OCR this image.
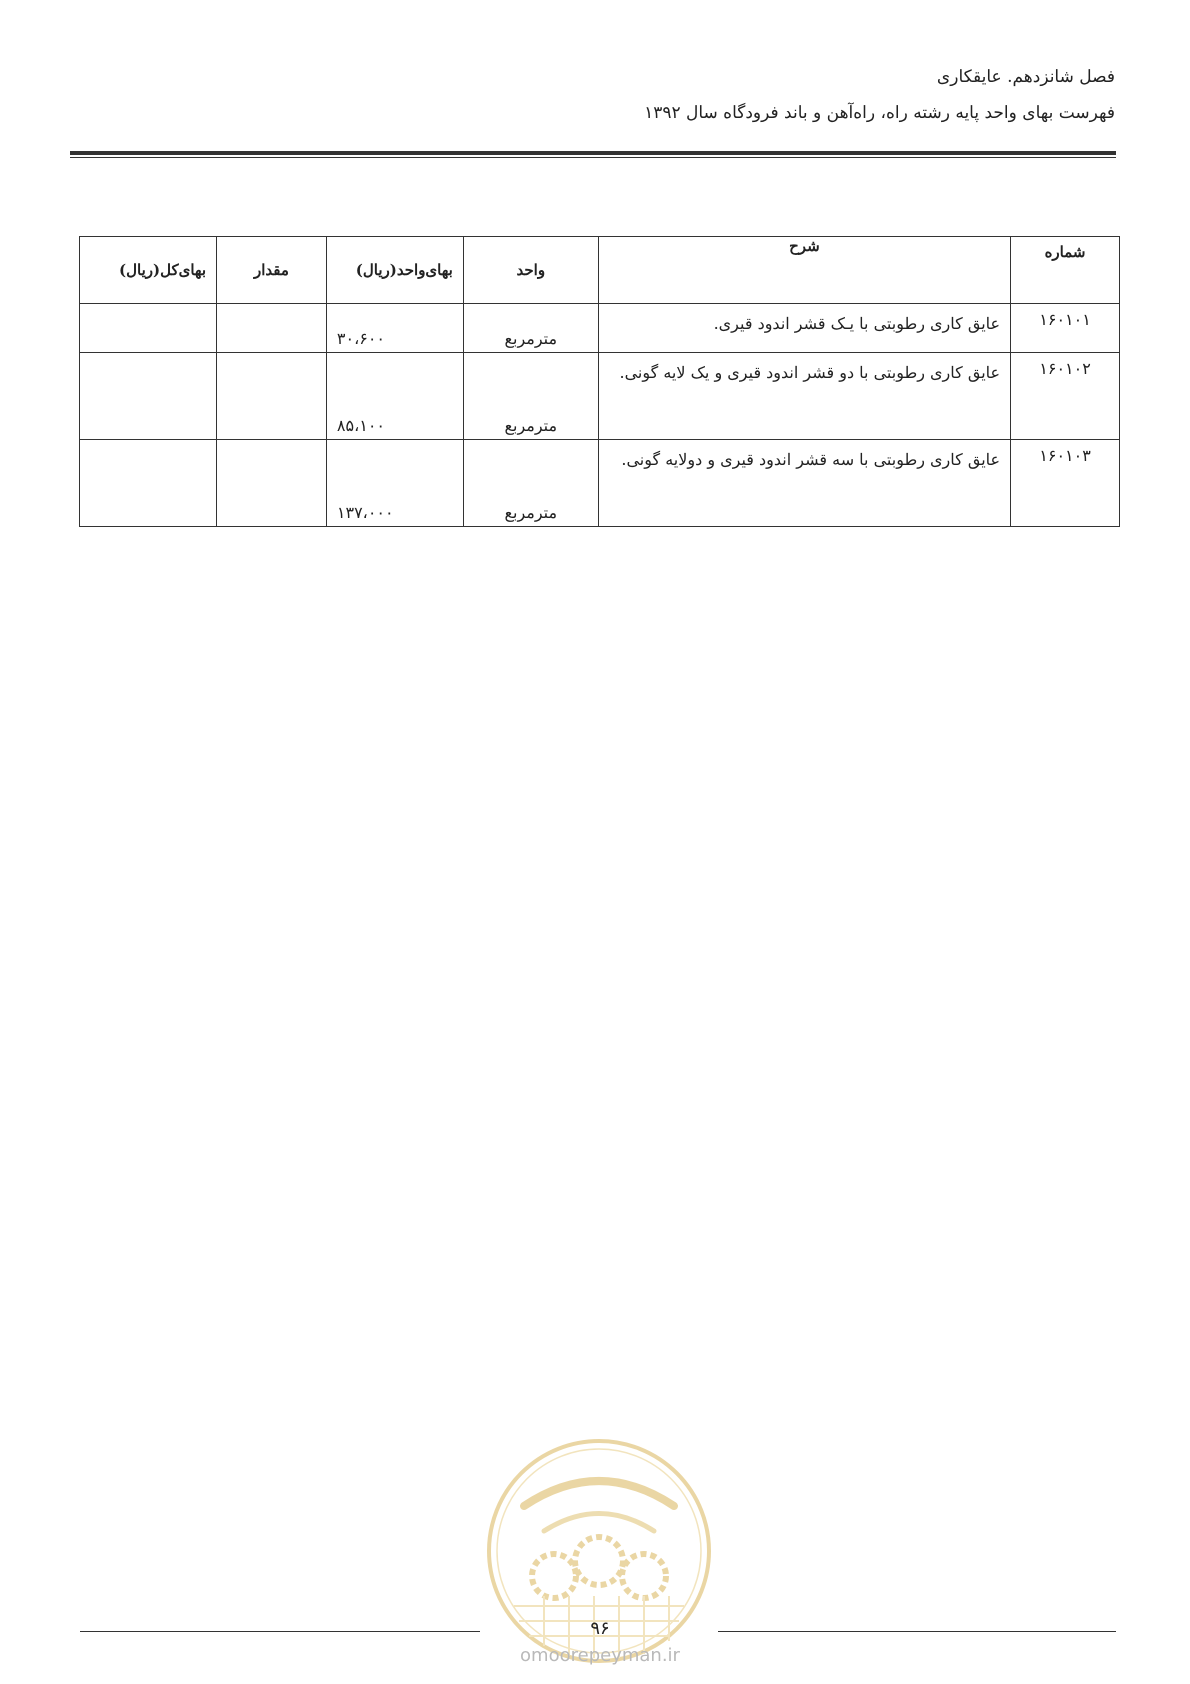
فصل شانزدهم. عایقکاری
فهرست بهای واحد پایه رشته راه، راه‌آهن و باند فرودگاه سال ۱۳۹۲
شماره	شرح	واحد	بهای‌واحد(ریال)	مقدار	بهای‌کل(ریال)
۱۶۰۱۰۱	عایق کاری رطوبتی با یـک قشر اندود قیری.	مترمربع	۳۰،۶۰۰		
۱۶۰۱۰۲	عایق کاری رطوبتی با دو قشر اندود قیری و یک لایه گونی.	مترمربع	۸۵،۱۰۰		
۱۶۰۱۰۳	عایق کاری رطوبتی با سه قشر اندود قیری و دولایه گونی.	مترمربع	۱۳۷،۰۰۰		
۹۶
omoorepeyman.ir
